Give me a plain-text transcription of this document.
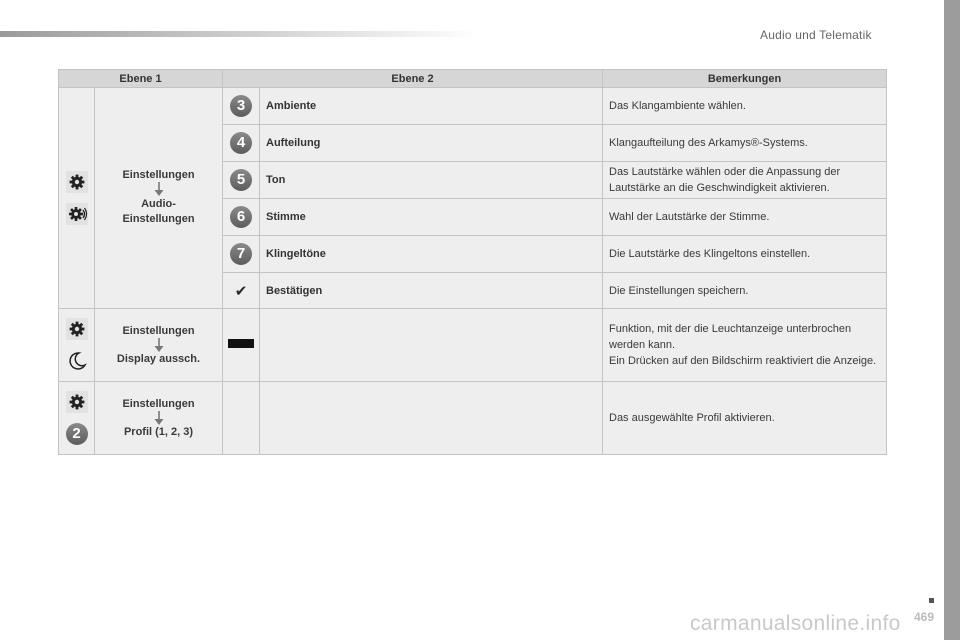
Audio und Telematik
469
carmanualsonline.info
Ebene 1		Ebene 2		Bemerkungen

Einstellungen
Audio-
Einstellungen	3	Ambiente	Das Klangambiente wählen.
		4	Aufteilung	Klangaufteilung des Arkamys®-Systems.
		5	Ton	Das Lautstärke wählen oder die Anpassung der Lautstärke an die Geschwindigkeit aktivieren.
		6	Stimme	Wahl der Lautstärke der Stimme.
		7	Klingeltöne	Die Lautstärke des Klingeltons einstellen.
		✔	Bestätigen	Die Einstellungen speichern.

Einstellungen
Display aussch.			Funktion, mit der die Leuchtanzeige unterbrochen werden kann.
Ein Drücken auf den Bildschirm reaktiviert die Anzeige.

2	Einstellungen
Profil (1, 2, 3)			Das ausgewählte Profil aktivieren.
